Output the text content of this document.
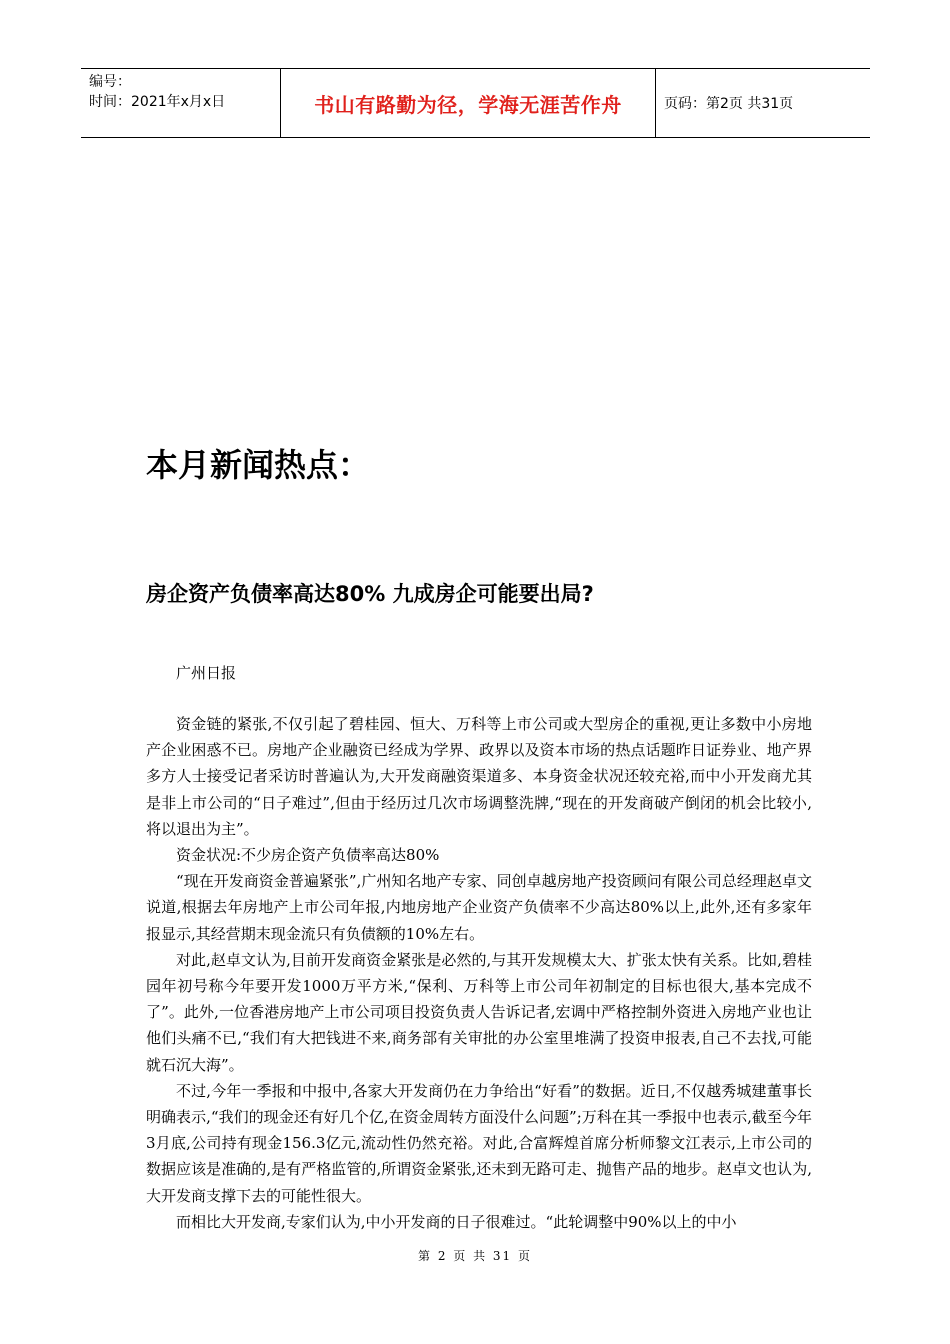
编号：
时间：2021年x月x日	书山有路勤为径，学海无涯苦作舟	页码：第2页 共31页
本月新闻热点：
房企资产负债率高达80% 九成房企可能要出局?

广州日报

资金链的紧张,不仅引起了碧桂园、恒大、万科等上市公司或大型房企的重视,更让多数中小房地产企业困惑不已。房地产企业融资已经成为学界、政界以及资本市场的热点话题昨日证券业、地产界多方人士接受记者采访时普遍认为,大开发商融资渠道多、本身资金状况还较充裕,而中小开发商尤其是非上市公司的“日子难过”,但由于经历过几次市场调整洗牌,“现在的开发商破产倒闭的机会比较小,将以退出为主”。

资金状况:不少房企资产负债率高达80%

“现在开发商资金普遍紧张”,广州知名地产专家、同创卓越房地产投资顾问有限公司总经理赵卓文说道,根据去年房地产上市公司年报,内地房地产企业资产负债率不少高达80%以上,此外,还有多家年报显示,其经营期末现金流只有负债额的10%左右。

对此,赵卓文认为,目前开发商资金紧张是必然的,与其开发规模太大、扩张太快有关系。比如,碧桂园年初号称今年要开发1000万平方米,“保利、万科等上市公司年初制定的目标也很大,基本完成不了”。此外,一位香港房地产上市公司项目投资负责人告诉记者,宏调中严格控制外资进入房地产业也让他们头痛不已,“我们有大把钱进不来,商务部有关审批的办公室里堆满了投资申报表,自己不去找,可能就石沉大海”。

不过,今年一季报和中报中,各家大开发商仍在力争给出“好看”的数据。近日,不仅越秀城建董事长明确表示,“我们的现金还有好几个亿,在资金周转方面没什么问题”;万科在其一季报中也表示,截至今年3月底,公司持有现金156.3亿元,流动性仍然充裕。对此,合富辉煌首席分析师黎文江表示,上市公司的数据应该是准确的,是有严格监管的,所谓资金紧张,还未到无路可走、抛售产品的地步。赵卓文也认为,大开发商支撑下去的可能性很大。

而相比大开发商,专家们认为,中小开发商的日子很难过。“此轮调整中90%以上的中小

第 2 页 共 31 页
